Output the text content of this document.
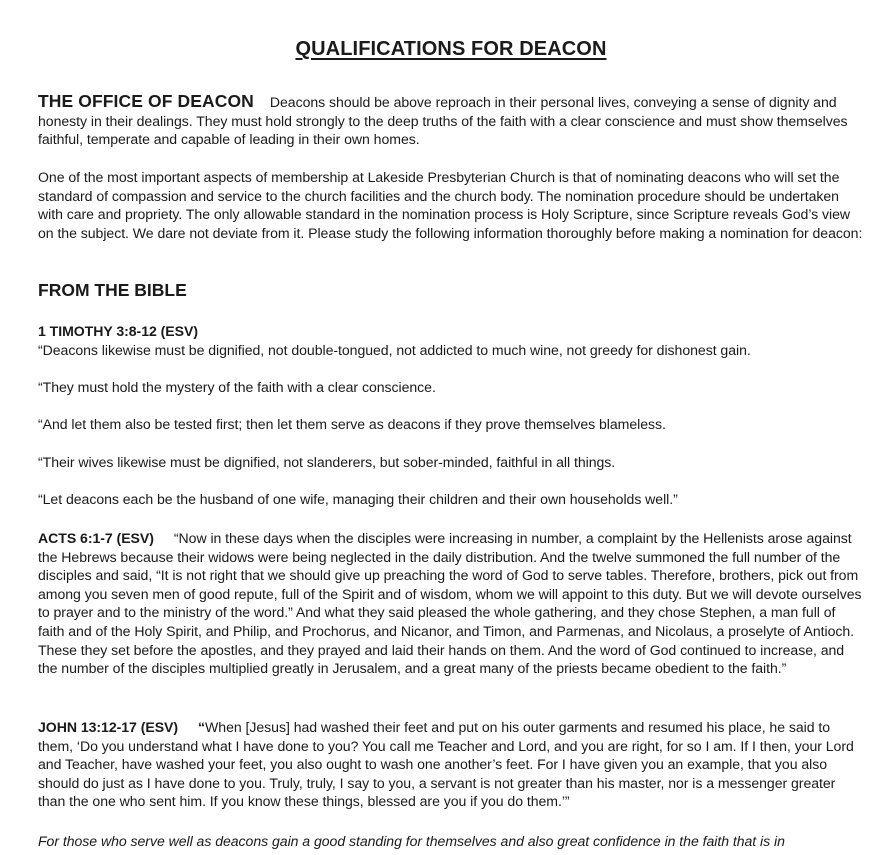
QUALIFICATIONS FOR DEACON

THE OFFICE OF DEACON Deacons should be above reproach in their personal lives, conveying a sense of dignity and honesty in their dealings. They must hold strongly to the deep truths of the faith with a clear conscience and must show themselves faithful, temperate and capable of leading in their own homes.

One of the most important aspects of membership at Lakeside Presbyterian Church is that of nominating deacons who will set the standard of compassion and service to the church facilities and the church body. The nomination procedure should be undertaken with care and propriety. The only allowable standard in the nomination process is Holy Scripture, since Scripture reveals God’s view on the subject. We dare not deviate from it. Please study the following information thoroughly before making a nomination for deacon:

FROM THE BIBLE

1 TIMOTHY 3:8-12 (ESV)
“Deacons likewise must be dignified, not double-tongued, not addicted to much wine, not greedy for dishonest gain.

“They must hold the mystery of the faith with a clear conscience.

“And let them also be tested first; then let them serve as deacons if they prove themselves blameless.

“Their wives likewise must be dignified, not slanderers, but sober-minded, faithful in all things.

“Let deacons each be the husband of one wife, managing their children and their own households well.”

ACTS 6:1-7 (ESV) “Now in these days when the disciples were increasing in number, a complaint by the Hellenists arose against the Hebrews because their widows were being neglected in the daily distribution. And the twelve summoned the full number of the disciples and said, “It is not right that we should give up preaching the word of God to serve tables. Therefore, brothers, pick out from among you seven men of good repute, full of the Spirit and of wisdom, whom we will appoint to this duty. But we will devote ourselves to prayer and to the ministry of the word.” And what they said pleased the whole gathering, and they chose Stephen, a man full of faith and of the Holy Spirit, and Philip, and Prochorus, and Nicanor, and Timon, and Parmenas, and Nicolaus, a proselyte of Antioch. These they set before the apostles, and they prayed and laid their hands on them. And the word of God continued to increase, and the number of the disciples multiplied greatly in Jerusalem, and a great many of the priests became obedient to the faith.”

JOHN 13:12-17 (ESV) “When [Jesus] had washed their feet and put on his outer garments and resumed his place, he said to them, ‘Do you understand what I have done to you? You call me Teacher and Lord, and you are right, for so I am. If I then, your Lord and Teacher, have washed your feet, you also ought to wash one another’s feet. For I have given you an example, that you also should do just as I have done to you. Truly, truly, I say to you, a servant is not greater than his master, nor is a messenger greater than the one who sent him. If you know these things, blessed are you if you do them.’”

For those who serve well as deacons gain a good standing for themselves and also great confidence in the faith that is in
